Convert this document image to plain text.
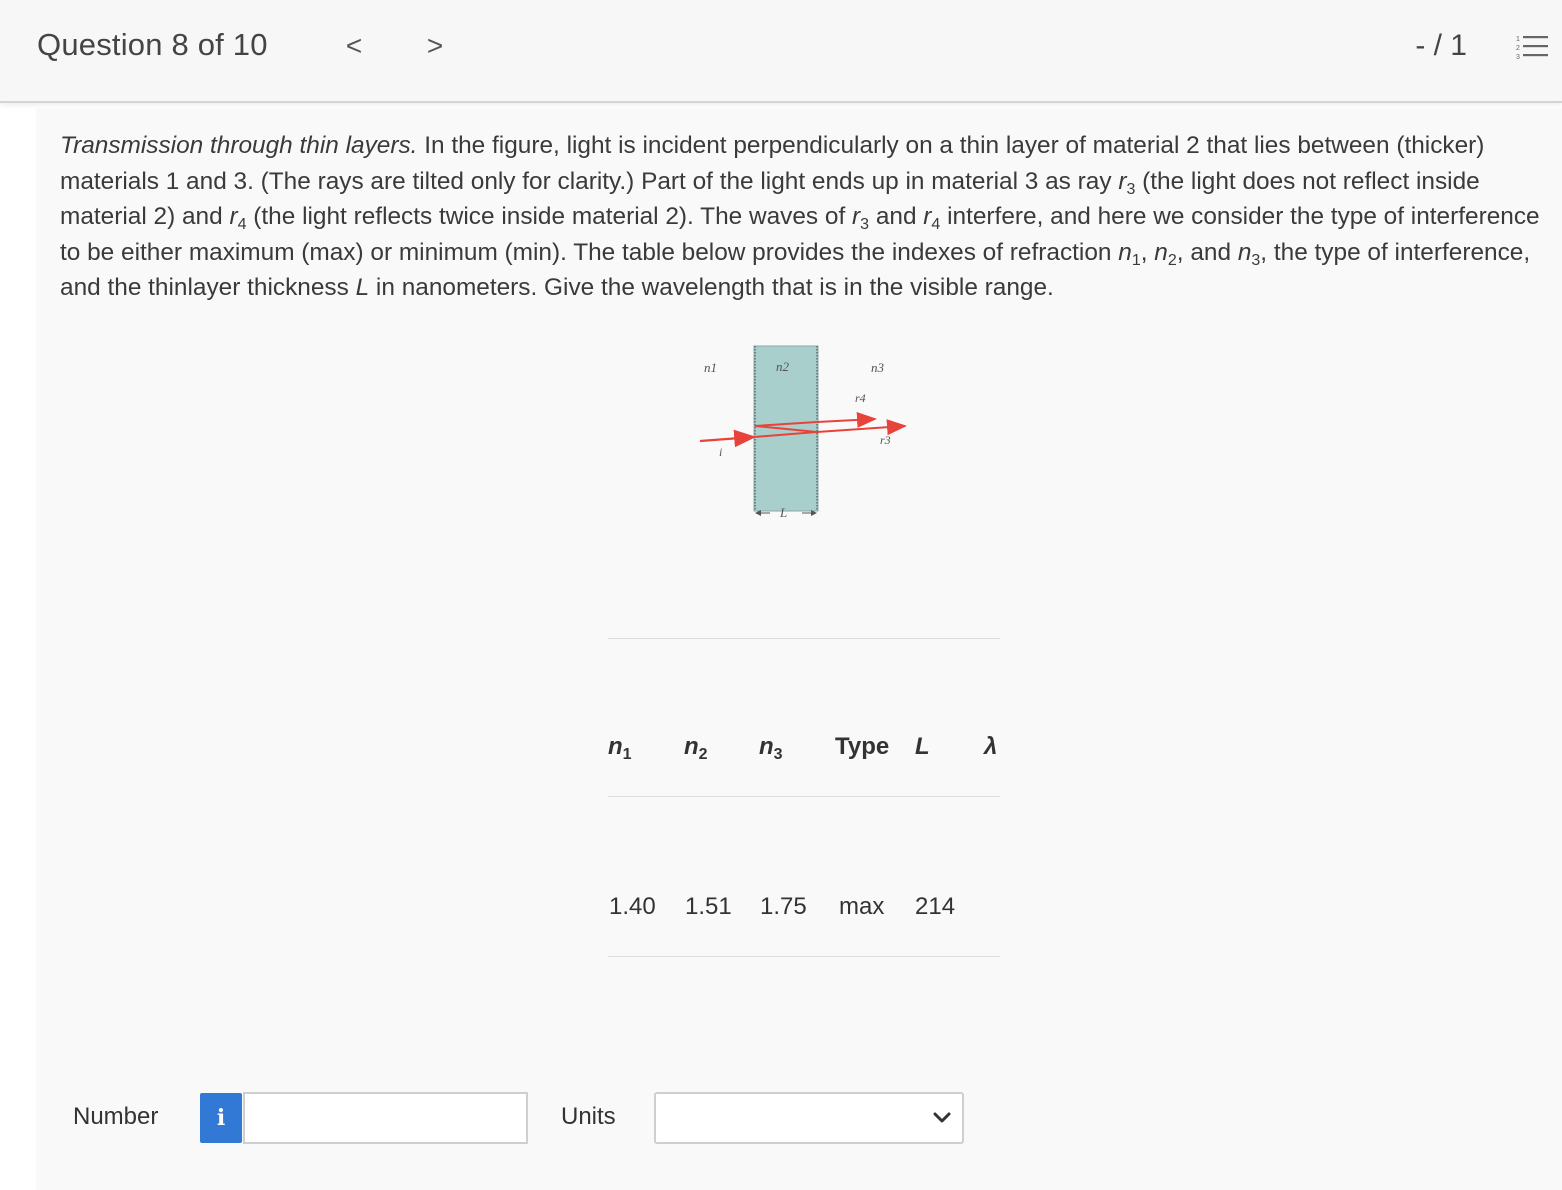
Question 8 of 10	< >	- / 1	1
2
3
Transmission through thin layers. In the figure, light is incident perpendicularly on a thin layer of material 2 that lies between (thicker) materials 1 and 3. (The rays are tilted only for clarity.) Part of the light ends up in material 3 as ray $r_3$ (the light does not reflect inside material 2) and $r_4$ (the light reflects twice inside material 2). The waves of $r_3$ and $r_4$ interfere, and here we consider the type of interference to be either maximum (max) or minimum (min). The table below provides the indexes of refraction $n_1$, $n_2$, and $n_3$, the type of interference, and the thinlayer thickness L in nanometers. Give the wavelength that is in the visible range.
n1	n2	n3
r4
r3
i
L
$n_1$ $n_2$ $n_3$ Type L λ
1.40 1.51 1.75 max 214
Number	i	Units
